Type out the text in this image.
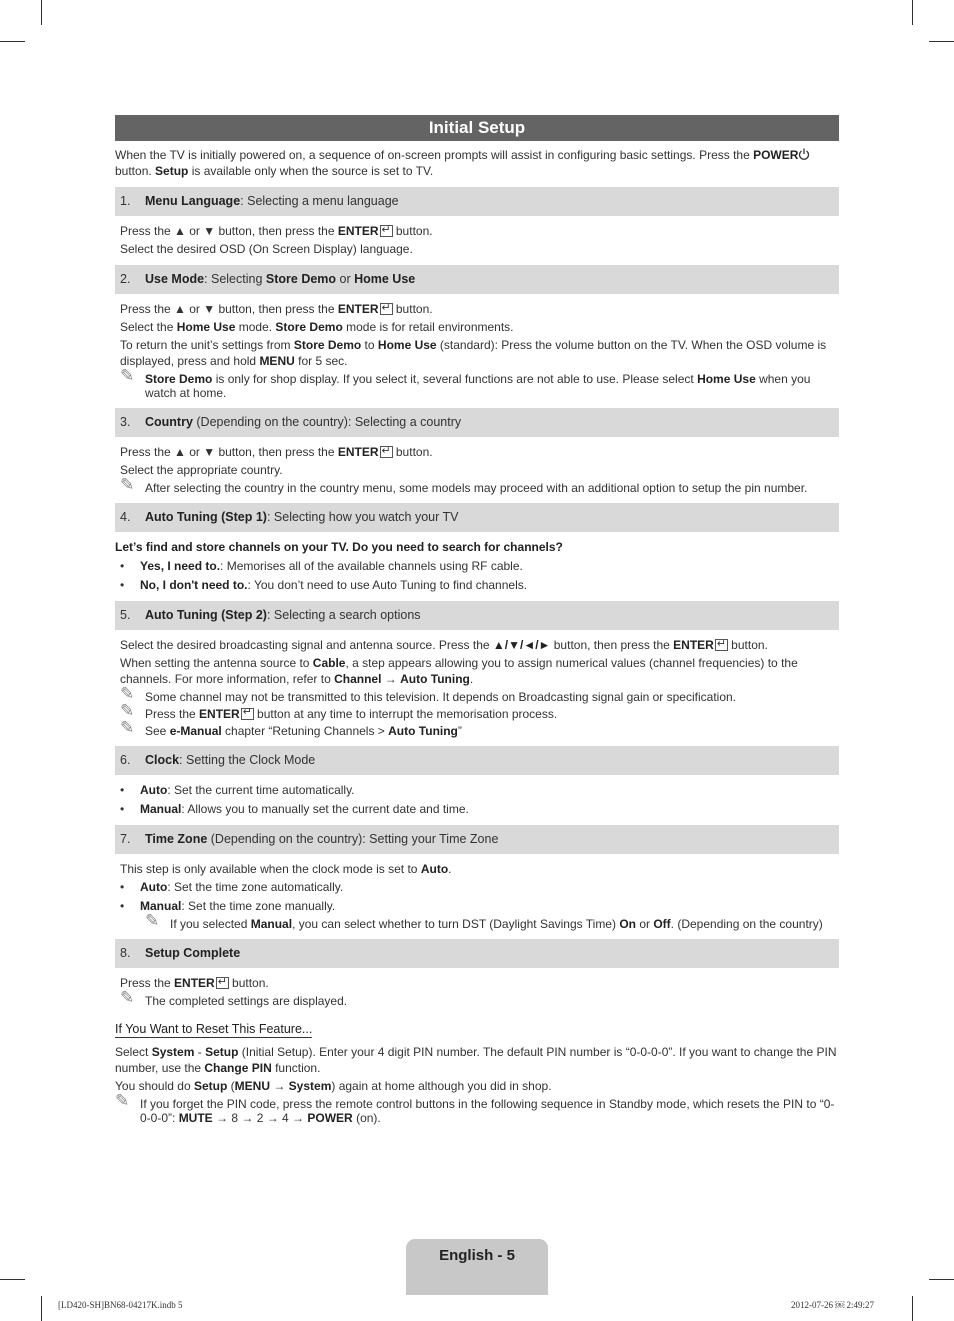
Initial Setup

When the TV is initially powered on, a sequence of on-screen prompts will assist in configuring basic settings. Press the POWER
button. Setup is available only when the source is set to TV.

1. Menu Language: Selecting a menu language

Press the ▲ or ▼ button, then press the ENTER↵ button.

Select the desired OSD (On Screen Display) language.

2. Use Mode: Selecting Store Demo or Home Use

Press the ▲ or ▼ button, then press the ENTER↵ button.

Select the Home Use mode. Store Demo mode is for retail environments.

To return the unit’s settings from Store Demo to Home Use (standard): Press the volume button on the TV. When the OSD volume is displayed, press and hold MENU for 5 sec.

✎ Store Demo is only for shop display. If you select it, several functions are not able to use. Please select Home Use when you watch at home.
3. Country (Depending on the country): Selecting a country

Press the ▲ or ▼ button, then press the ENTER↵ button.

Select the appropriate country.

✎ After selecting the country in the country menu, some models may proceed with an additional option to setup the pin number.
4. Auto Tuning (Step 1): Selecting how you watch your TV

Let’s find and store channels on your TV. Do you need to search for channels?

• Yes, I need to.: Memorises all of the available channels using RF cable.
• No, I don't need to.: You don’t need to use Auto Tuning to find channels.
5. Auto Tuning (Step 2): Selecting a search options

Select the desired broadcasting signal and antenna source. Press the ▲/▼/◄/► button, then press the ENTER↵ button.

When setting the antenna source to Cable, a step appears allowing you to assign numerical values (channel frequencies) to the channels. For more information, refer to Channel → Auto Tuning.

✎ Some channel may not be transmitted to this television. It depends on Broadcasting signal gain or specification.
✎ Press the ENTER↵ button at any time to interrupt the memorisation process.
✎ See e-Manual chapter “Retuning Channels > Auto Tuning”
6. Clock: Setting the Clock Mode
• Auto: Set the current time automatically.
• Manual: Allows you to manually set the current date and time.
7. Time Zone (Depending on the country): Setting your Time Zone

This step is only available when the clock mode is set to Auto.

• Auto: Set the time zone automatically.
• Manual: Set the time zone manually.
✎ If you selected Manual, you can select whether to turn DST (Daylight Savings Time) On or Off. (Depending on the country)
8. Setup Complete

Press the ENTER↵ button.

✎ The completed settings are displayed.
If You Want to Reset This Feature...

Select System - Setup (Initial Setup). Enter your 4 digit PIN number. The default PIN number is “0-0-0-0”. If you want to change the PIN number, use the Change PIN function.

You should do Setup (MENU → System) again at home although you did in shop.

✎ If you forget the PIN code, press the remote control buttons in the following sequence in Standby mode, which resets the PIN to “0-0-0-0”: MUTE → 8 → 2 → 4 → POWER (on).
English - 5
[LD420-SH]BN68-04217K.indb 5	2012-07-26 ￼ 2:49:27
